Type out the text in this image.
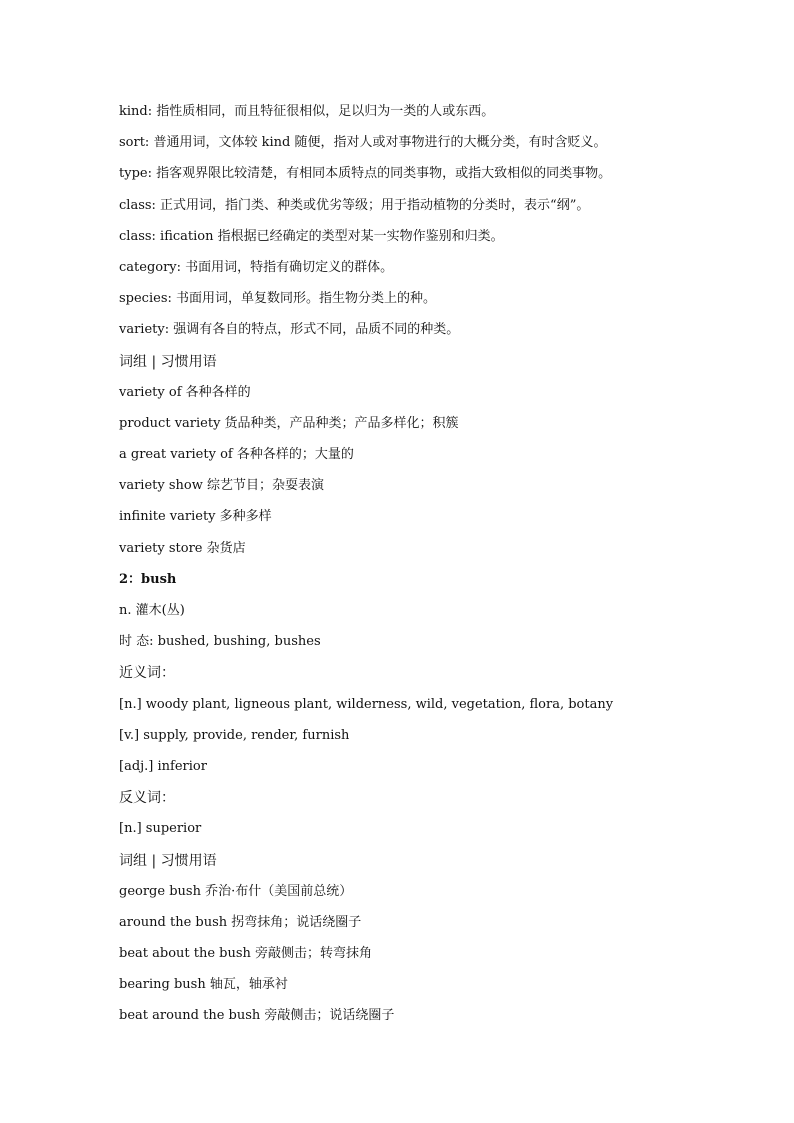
kind: 指性质相同，而且特征很相似，足以归为一类的人或东西。
sort: 普通用词，文体较 kind 随便，指对人或对事物进行的大概分类，有时含贬义。
type: 指客观界限比较清楚，有相同本质特点的同类事物，或指大致相似的同类事物。
class: 正式用词，指门类、种类或优劣等级；用于指动植物的分类时，表示“纲”。
class: ification 指根据已经确定的类型对某一实物作鉴别和归类。
category: 书面用词，特指有确切定义的群体。
species: 书面用词，单复数同形。指生物分类上的种。
variety: 强调有各自的特点，形式不同，品质不同的种类。
词组 | 习惯用语
variety of 各种各样的
product variety 货品种类，产品种类；产品多样化；积簇
a great variety of 各种各样的；大量的
variety show 综艺节目；杂耍表演
infinite variety 多种多样
variety store 杂货店
2：bush
n. 灌木(丛)
时 态: bushed, bushing, bushes
近义词：
[n.] woody plant, ligneous plant, wilderness, wild, vegetation, flora, botany
[v.] supply, provide, render, furnish
[adj.] inferior
反义词：
[n.] superior
词组 | 习惯用语
george bush 乔治·布什（美国前总统）
around the bush 拐弯抹角；说话绕圈子
beat about the bush 旁敲侧击；转弯抹角
bearing bush 轴瓦，轴承衬
beat around the bush 旁敲侧击；说话绕圈子
